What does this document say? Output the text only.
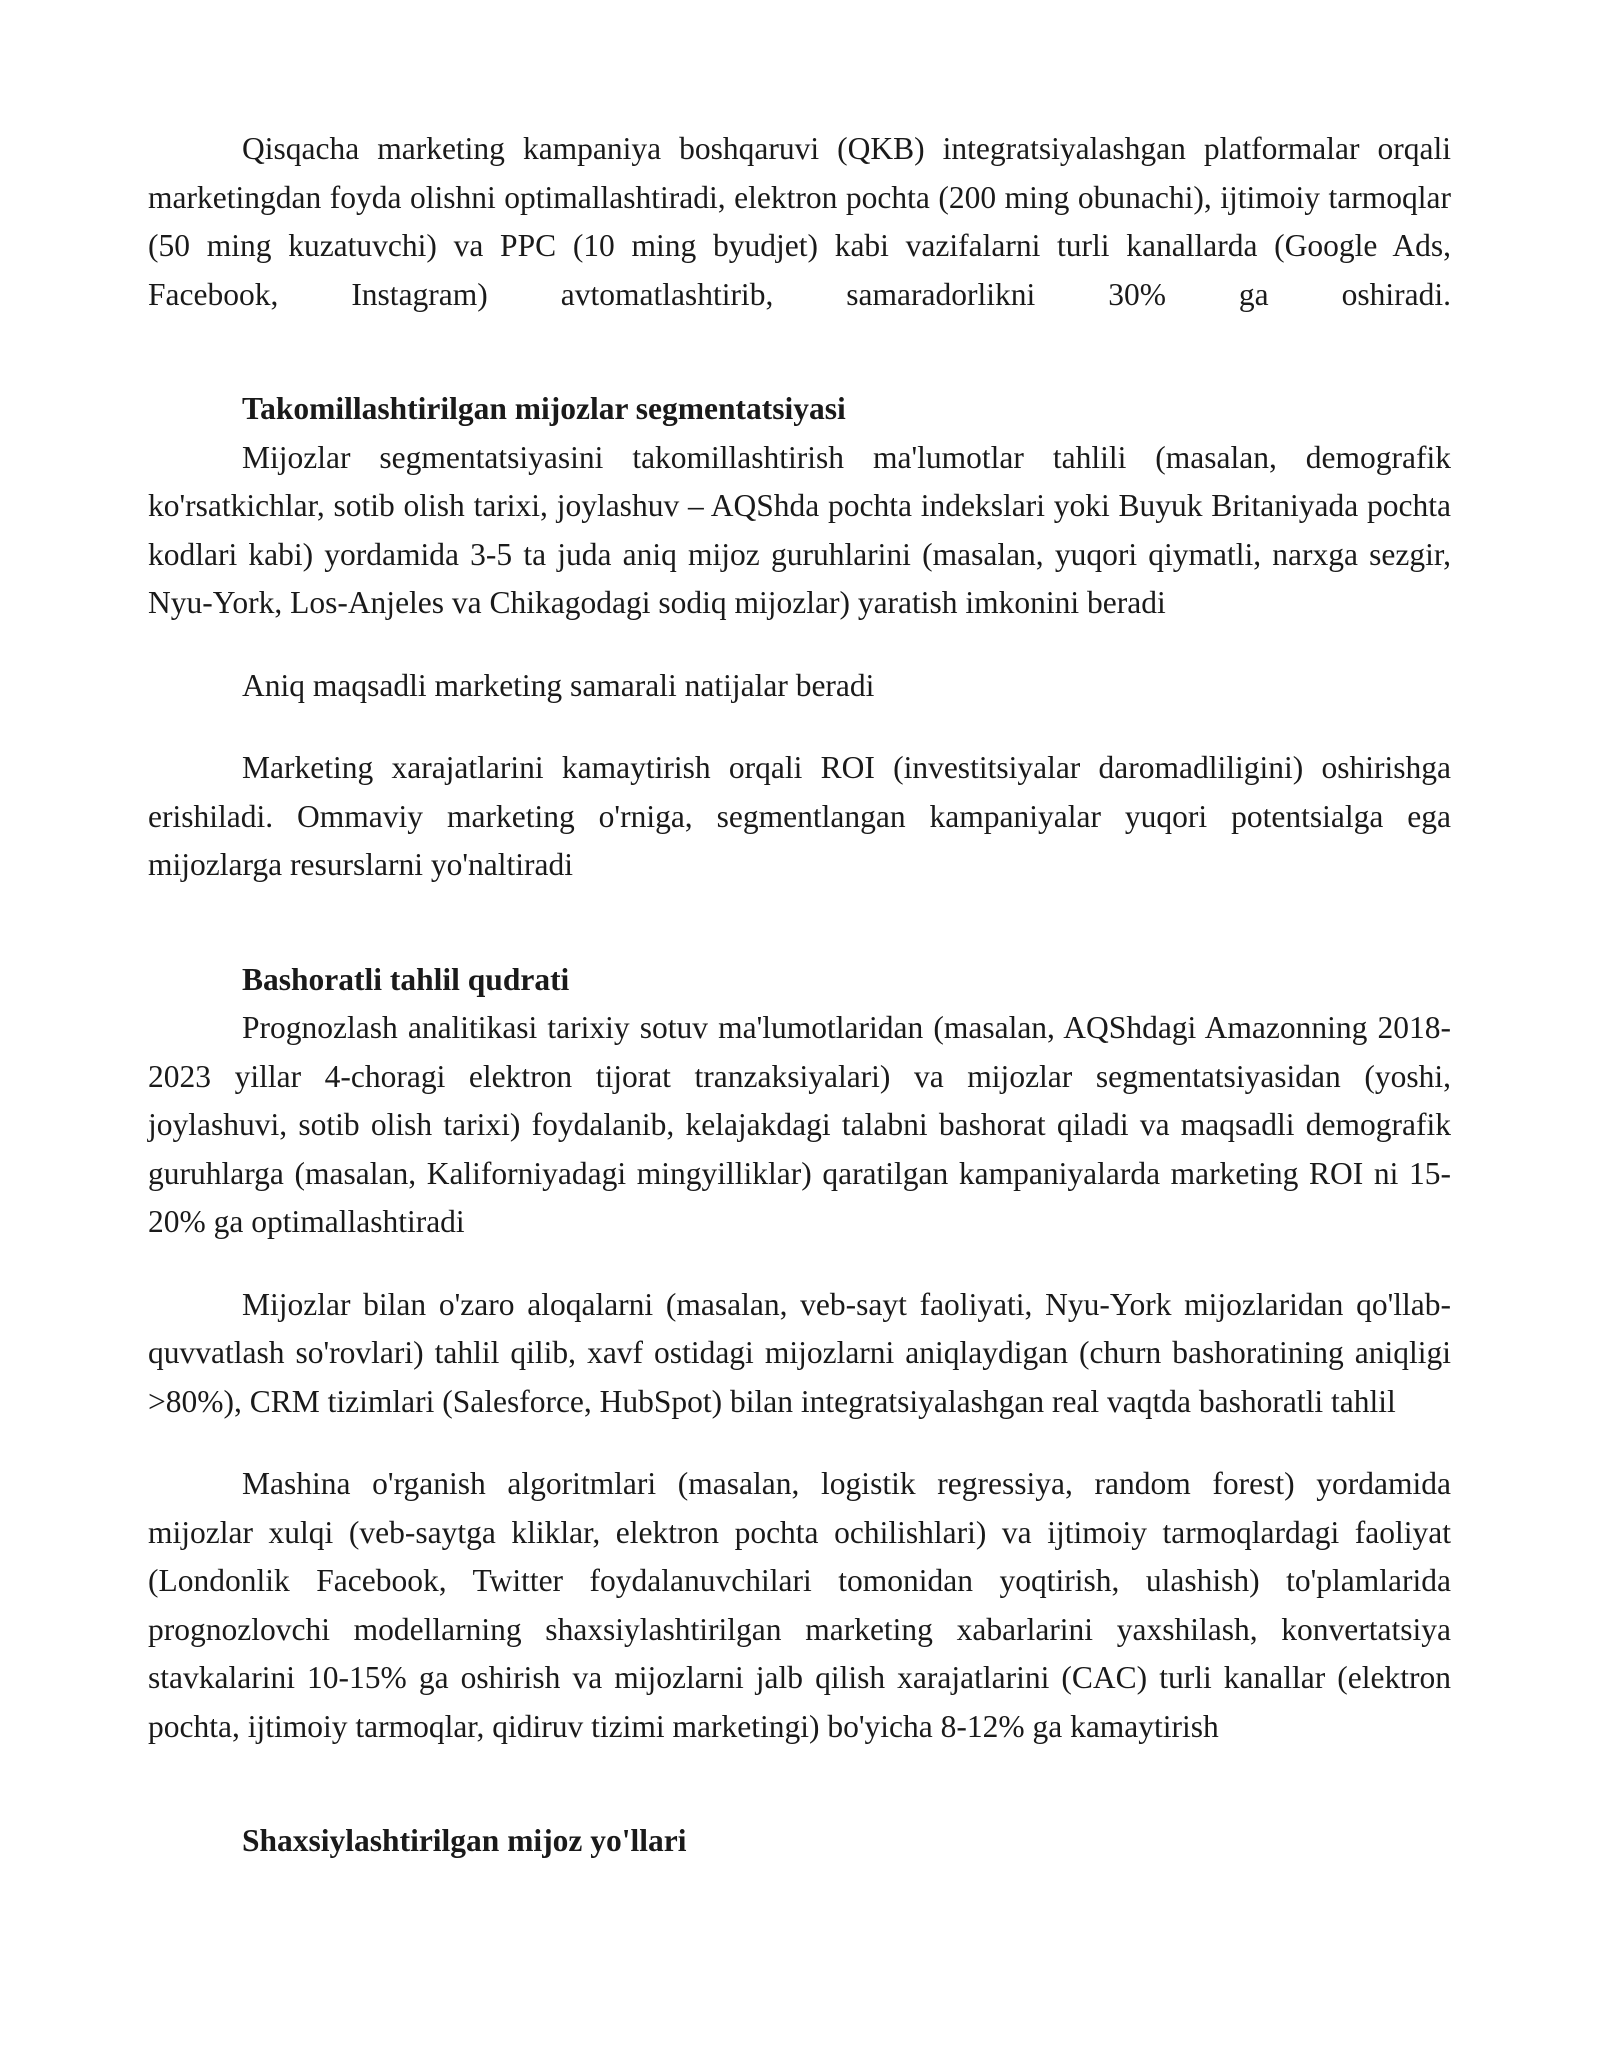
Qisqacha marketing kampaniya boshqaruvi (QKB) integratsiyalashgan platformalar orqali marketingdan foyda olishni optimallashtiradi, elektron pochta (200 ming obunachi), ijtimoiy tarmoqlar (50 ming kuzatuvchi) va PPC (10 ming byudjet) kabi vazifalarni turli kanallarda (Google Ads, Facebook, Instagram) avtomatlashtirib, samaradorlikni 30% ga oshiradi.

Takomillashtirilgan mijozlar segmentatsiyasi

Mijozlar segmentatsiyasini takomillashtirish ma'lumotlar tahlili (masalan, demografik ko'rsatkichlar, sotib olish tarixi, joylashuv – AQShda pochta indekslari yoki Buyuk Britaniyada pochta kodlari kabi) yordamida 3-5 ta juda aniq mijoz guruhlarini (masalan, yuqori qiymatli, narxga sezgir, Nyu-York, Los-Anjeles va Chikagodagi sodiq mijozlar) yaratish imkonini beradi

Aniq maqsadli marketing samarali natijalar beradi

Marketing xarajatlarini kamaytirish orqali ROI (investitsiyalar daromadliligini) oshirishga erishiladi. Ommaviy marketing o'rniga, segmentlangan kampaniyalar yuqori potentsialga ega mijozlarga resurslarni yo'naltiradi

Bashoratli tahlil qudrati

Prognozlash analitikasi tarixiy sotuv ma'lumotlaridan (masalan, AQShdagi Amazonning 2018-2023 yillar 4-choragi elektron tijorat tranzaksiyalari) va mijozlar segmentatsiyasidan (yoshi, joylashuvi, sotib olish tarixi) foydalanib, kelajakdagi talabni bashorat qiladi va maqsadli demografik guruhlarga (masalan, Kaliforniyadagi mingyilliklar) qaratilgan kampaniyalarda marketing ROI ni 15-20% ga optimallashtiradi

Mijozlar bilan o'zaro aloqalarni (masalan, veb-sayt faoliyati, Nyu-York mijozlaridan qo'llab-quvvatlash so'rovlari) tahlil qilib, xavf ostidagi mijozlarni aniqlaydigan (churn bashoratining aniqligi >80%), CRM tizimlari (Salesforce, HubSpot) bilan integratsiyalashgan real vaqtda bashoratli tahlil

Mashina o'rganish algoritmlari (masalan, logistik regressiya, random forest) yordamida mijozlar xulqi (veb-saytga kliklar, elektron pochta ochilishlari) va ijtimoiy tarmoqlardagi faoliyat (Londonlik Facebook, Twitter foydalanuvchilari tomonidan yoqtirish, ulashish) to'plamlarida prognozlovchi modellarning shaxsiylashtirilgan marketing xabarlarini yaxshilash, konvertatsiya stavkalarini 10-15% ga oshirish va mijozlarni jalb qilish xarajatlarini (CAC) turli kanallar (elektron pochta, ijtimoiy tarmoqlar, qidiruv tizimi marketingi) bo'yicha 8-12% ga kamaytirish

Shaxsiylashtirilgan mijoz yo'llari
